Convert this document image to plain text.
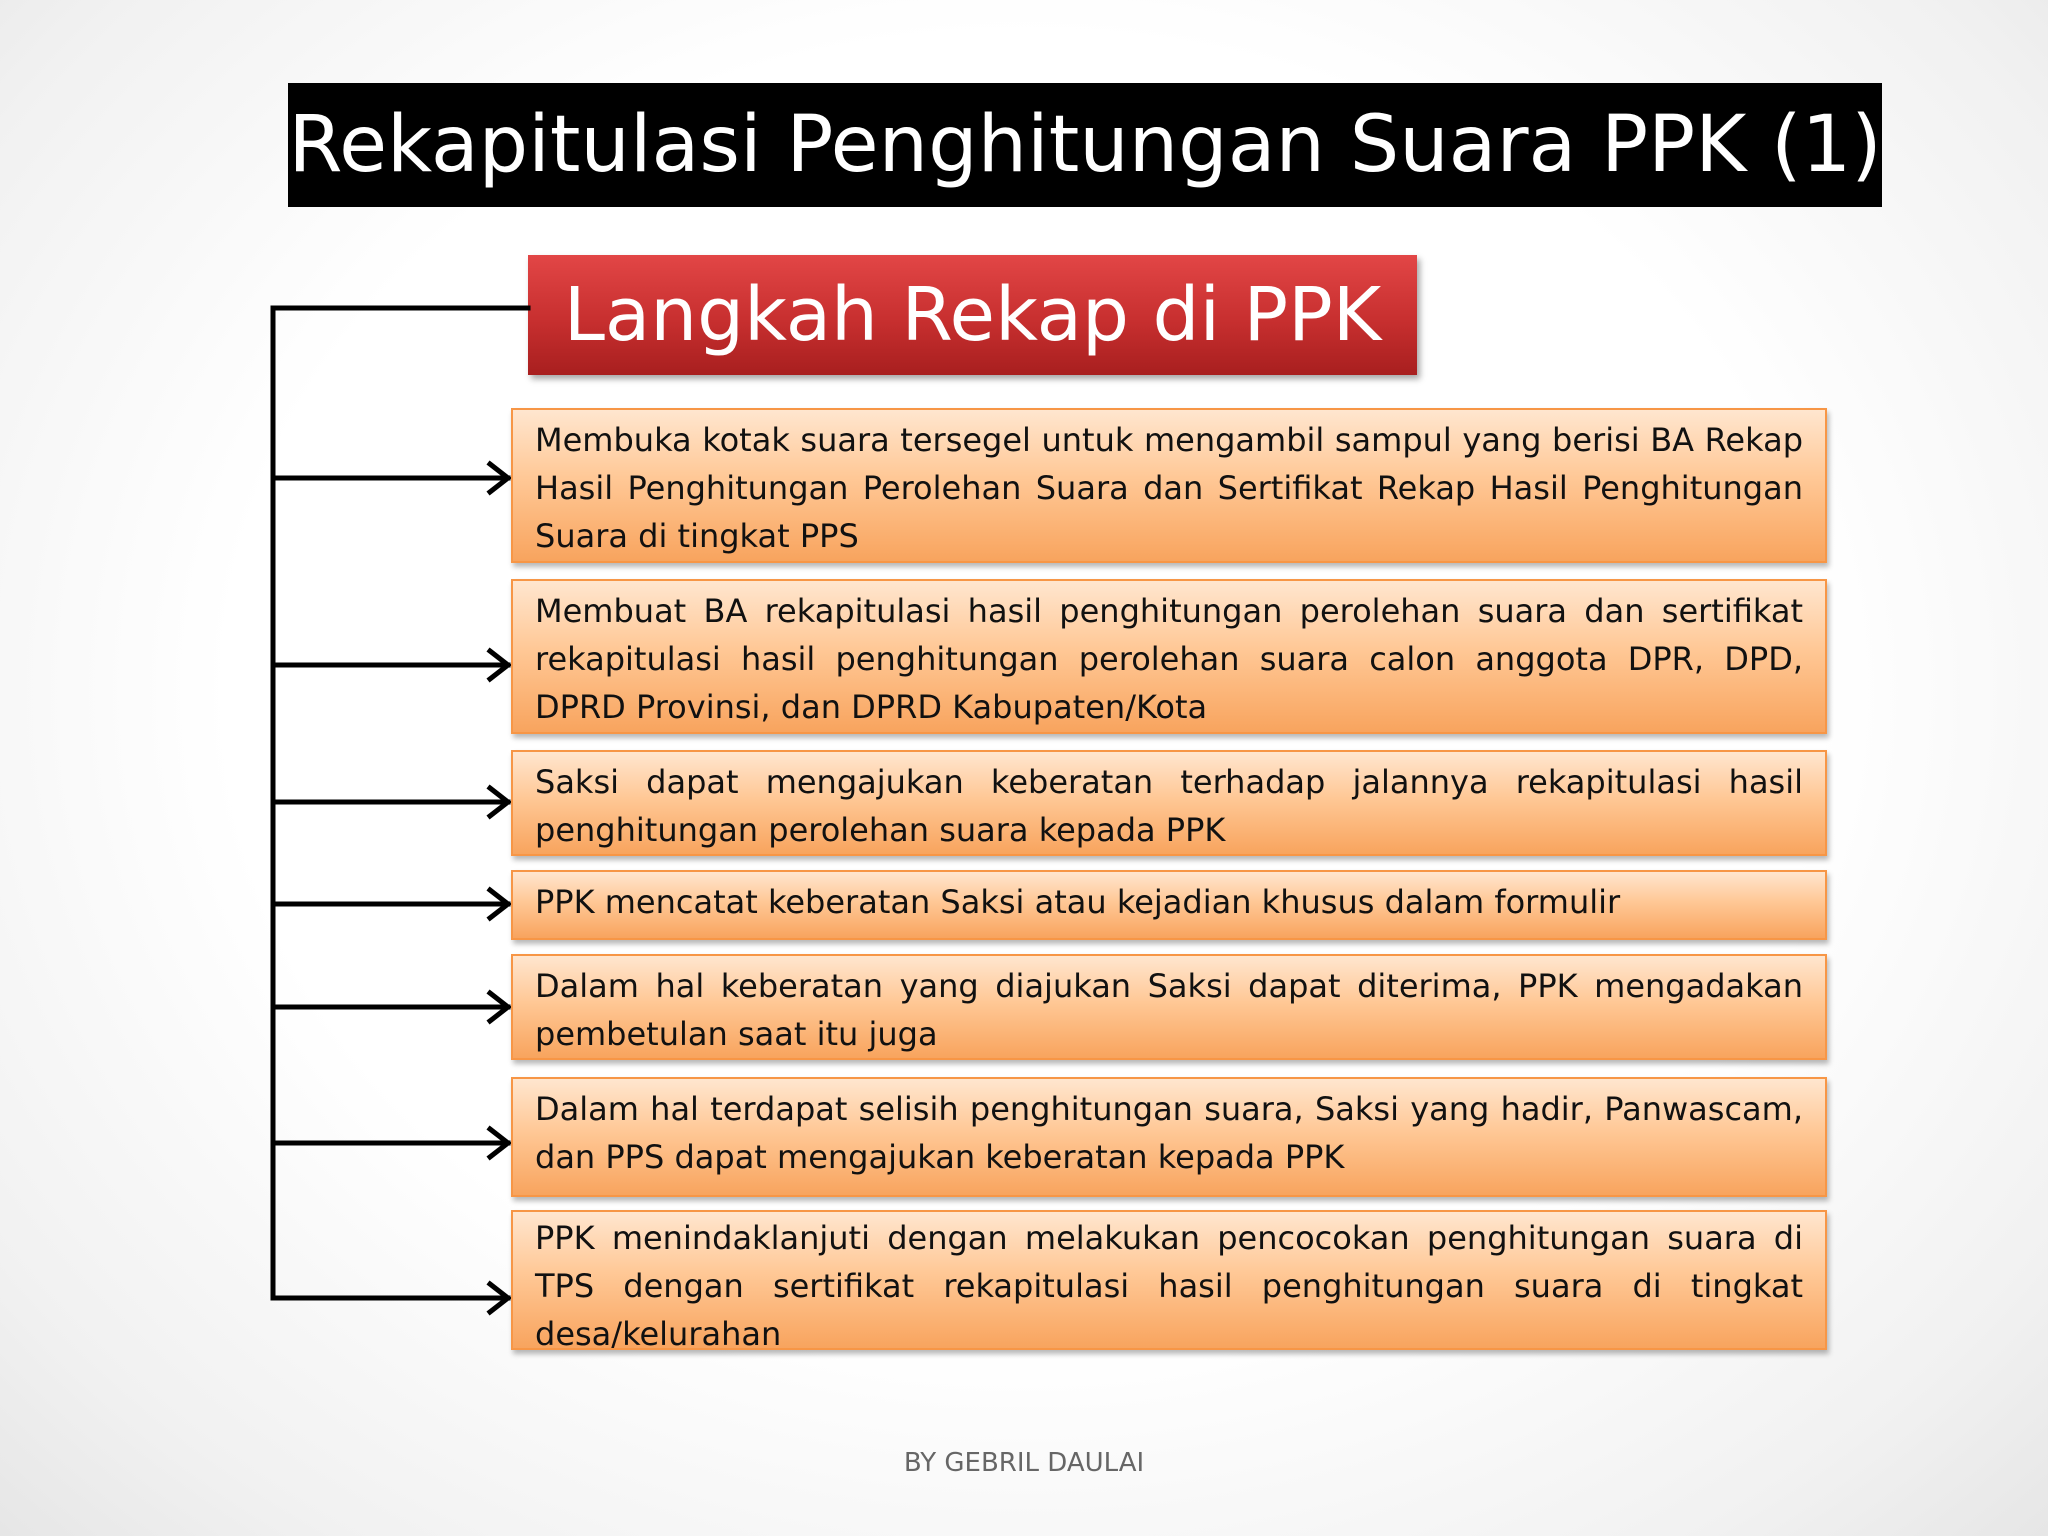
Rekapitulasi Penghitungan Suara PPK (1)
Langkah Rekap di PPK
Membuka kotak suara tersegel untuk mengambil sampul yang berisi BA Rekap Hasil Penghitungan Perolehan Suara dan Sertifikat Rekap Hasil Penghitungan Suara di tingkat PPS
Membuat BA rekapitulasi hasil penghitungan perolehan suara dan sertifikat rekapitulasi hasil penghitungan perolehan suara calon anggota DPR, DPD, DPRD Provinsi, dan DPRD Kabupaten/Kota
Saksi dapat mengajukan keberatan terhadap jalannya rekapitulasi hasil penghitungan perolehan suara kepada PPK
PPK mencatat keberatan Saksi atau kejadian khusus dalam formulir
Dalam hal keberatan yang diajukan Saksi dapat diterima, PPK mengadakan pembetulan saat itu juga
Dalam hal terdapat selisih penghitungan suara, Saksi yang hadir, Panwascam, dan PPS dapat mengajukan keberatan kepada PPK
PPK menindaklanjuti dengan melakukan pencocokan penghitungan suara di TPS dengan sertifikat rekapitulasi hasil penghitungan suara di tingkat desa/kelurahan
BY GEBRIL DAULAI
